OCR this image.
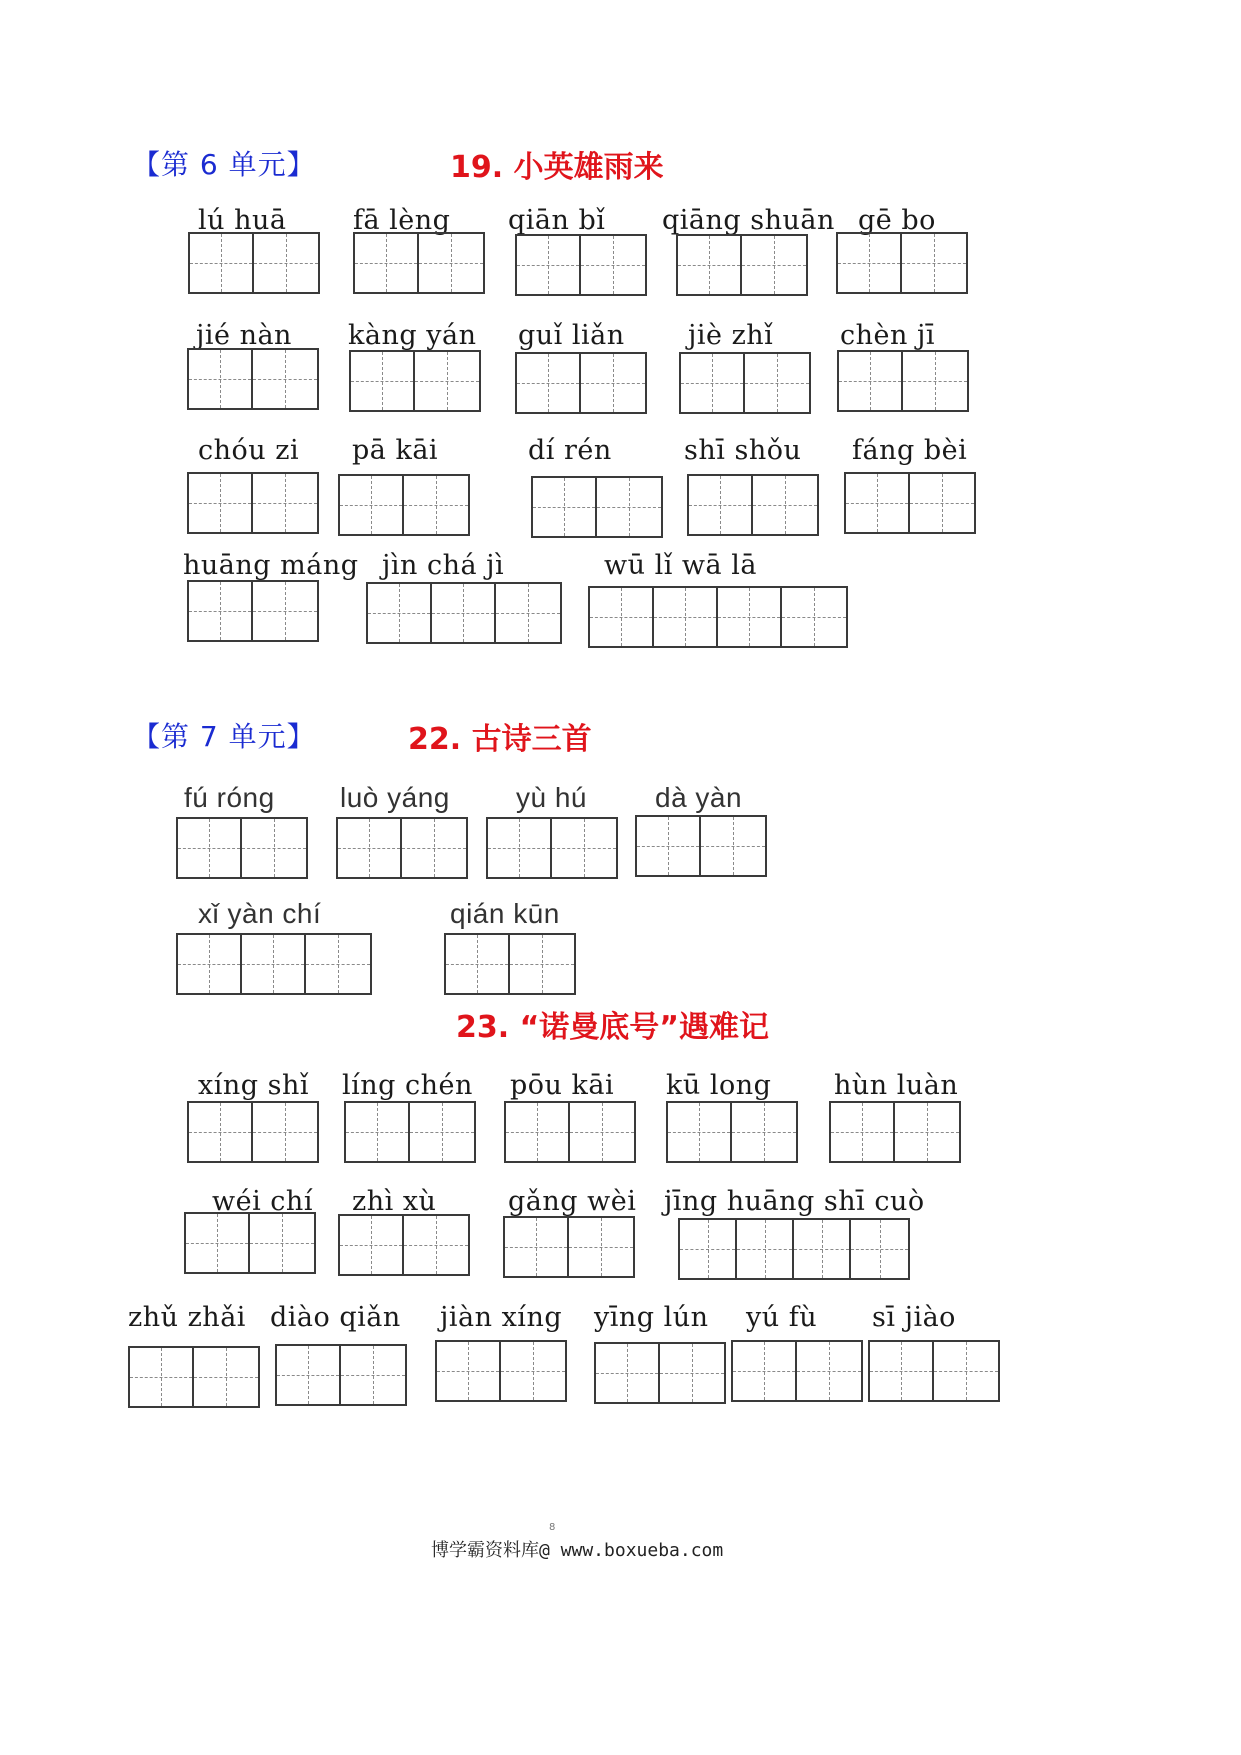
【第 6 单元】	19. 小英雄雨来
lú huā fā lèng qiān bǐ qiāng shuān gē bo
jié nàn kàng yán guǐ liǎn jiè zhǐ chèn jī
chóu zi pā kāi	dí rén	shī shǒu fáng bèi
huāng máng jìn chá jì	wū lǐ wā lā
【第 7 单元】	22. 古诗三首
fú róng luò yáng yù hú dà yàn
xǐ yàn chí	qián kūn
23. “诺曼底号”遇难记
xíng shǐ líng chén pōu kāi kū long hùn luàn
wéi chí zhì xù	gǎng wèi jīng huāng shī cuò
zhǔ zhǎi diào qiǎn jiàn xíng yīng lún yú fù sī jiào
8
博学霸资料库@ www.boxueba.com
